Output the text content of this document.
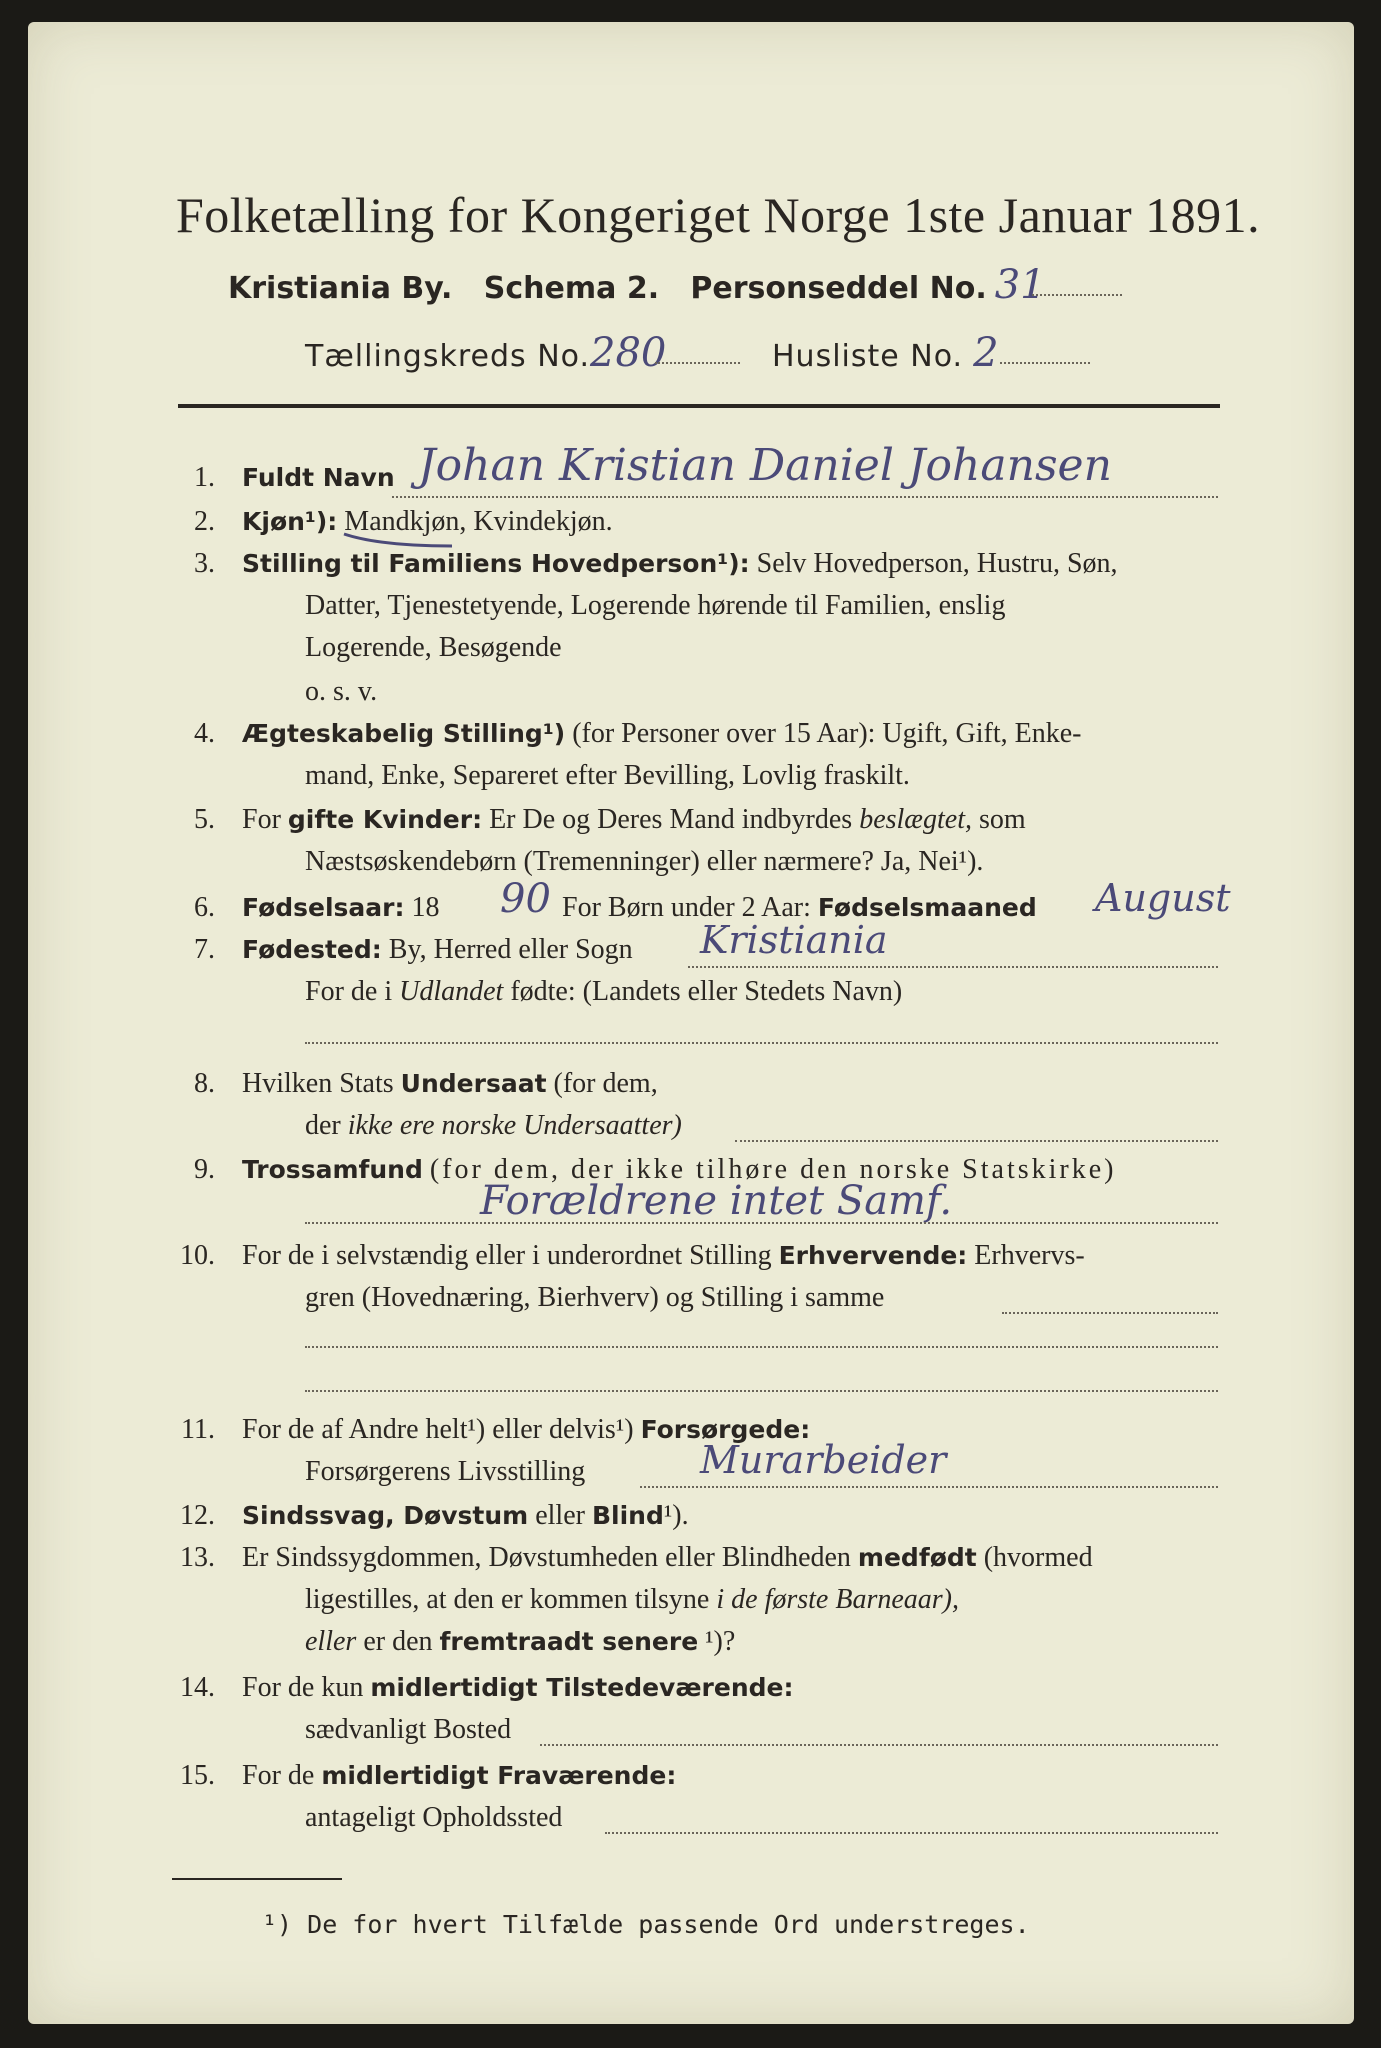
Folketælling for Kongeriget Norge 1ste Januar 1891.
Kristiania By.   Schema 2.   Personseddel No. 31
Tællingskreds No.280	Husliste No. 2
1. Fuldt Navn Johan Kristian Daniel Johansen
2. Kjøn¹): Mandkjøn, Kvindekjøn.
3. Stilling til Familiens Hovedperson¹): Selv Hovedperson, Hustru, Søn,
Datter, Tjenestetyende, Logerende hørende til Familien, enslig
Logerende, Besøgende
o. s. v.
4. Ægteskabelig Stilling¹) (for Personer over 15 Aar): Ugift, Gift, Enke-
mand, Enke, Separeret efter Bevilling, Lovlig fraskilt.
5. For gifte Kvinder: Er De og Deres Mand indbyrdes beslægtet, som
Næstsøskendebørn (Tremenninger) eller nærmere? Ja, Nei¹).
6. Fødselsaar: 18 90 For Børn under 2 Aar: Fødselsmaaned August
7. Fødested: By, Herred eller Sogn Kristiania
For de i Udlandet fødte: (Landets eller Stedets Navn)
8. Hvilken Stats Undersaat (for dem,
der ikke ere norske Undersaatter)
9. Trossamfund (for dem, der ikke tilhøre den norske Statskirke)
Forældrene intet Samf.
10. For de i selvstændig eller i underordnet Stilling Erhvervende: Erhvervs-
gren (Hovednæring, Bierhverv) og Stilling i samme
11. For de af Andre helt¹) eller delvis¹) Forsørgede:
Forsørgerens Livsstilling	Murarbeider
12. Sindssvag, Døvstum eller Blind¹).
13. Er Sindssygdommen, Døvstumheden eller Blindheden medfødt (hvormed
ligestilles, at den er kommen tilsyne i de første Barneaar),
eller er den fremtraadt senere ¹)?
14. For de kun midlertidigt Tilstedeværende:
sædvanligt Bosted
15. For de midlertidigt Fraværende:
antageligt Opholdssted
¹) De for hvert Tilfælde passende Ord understreges.
